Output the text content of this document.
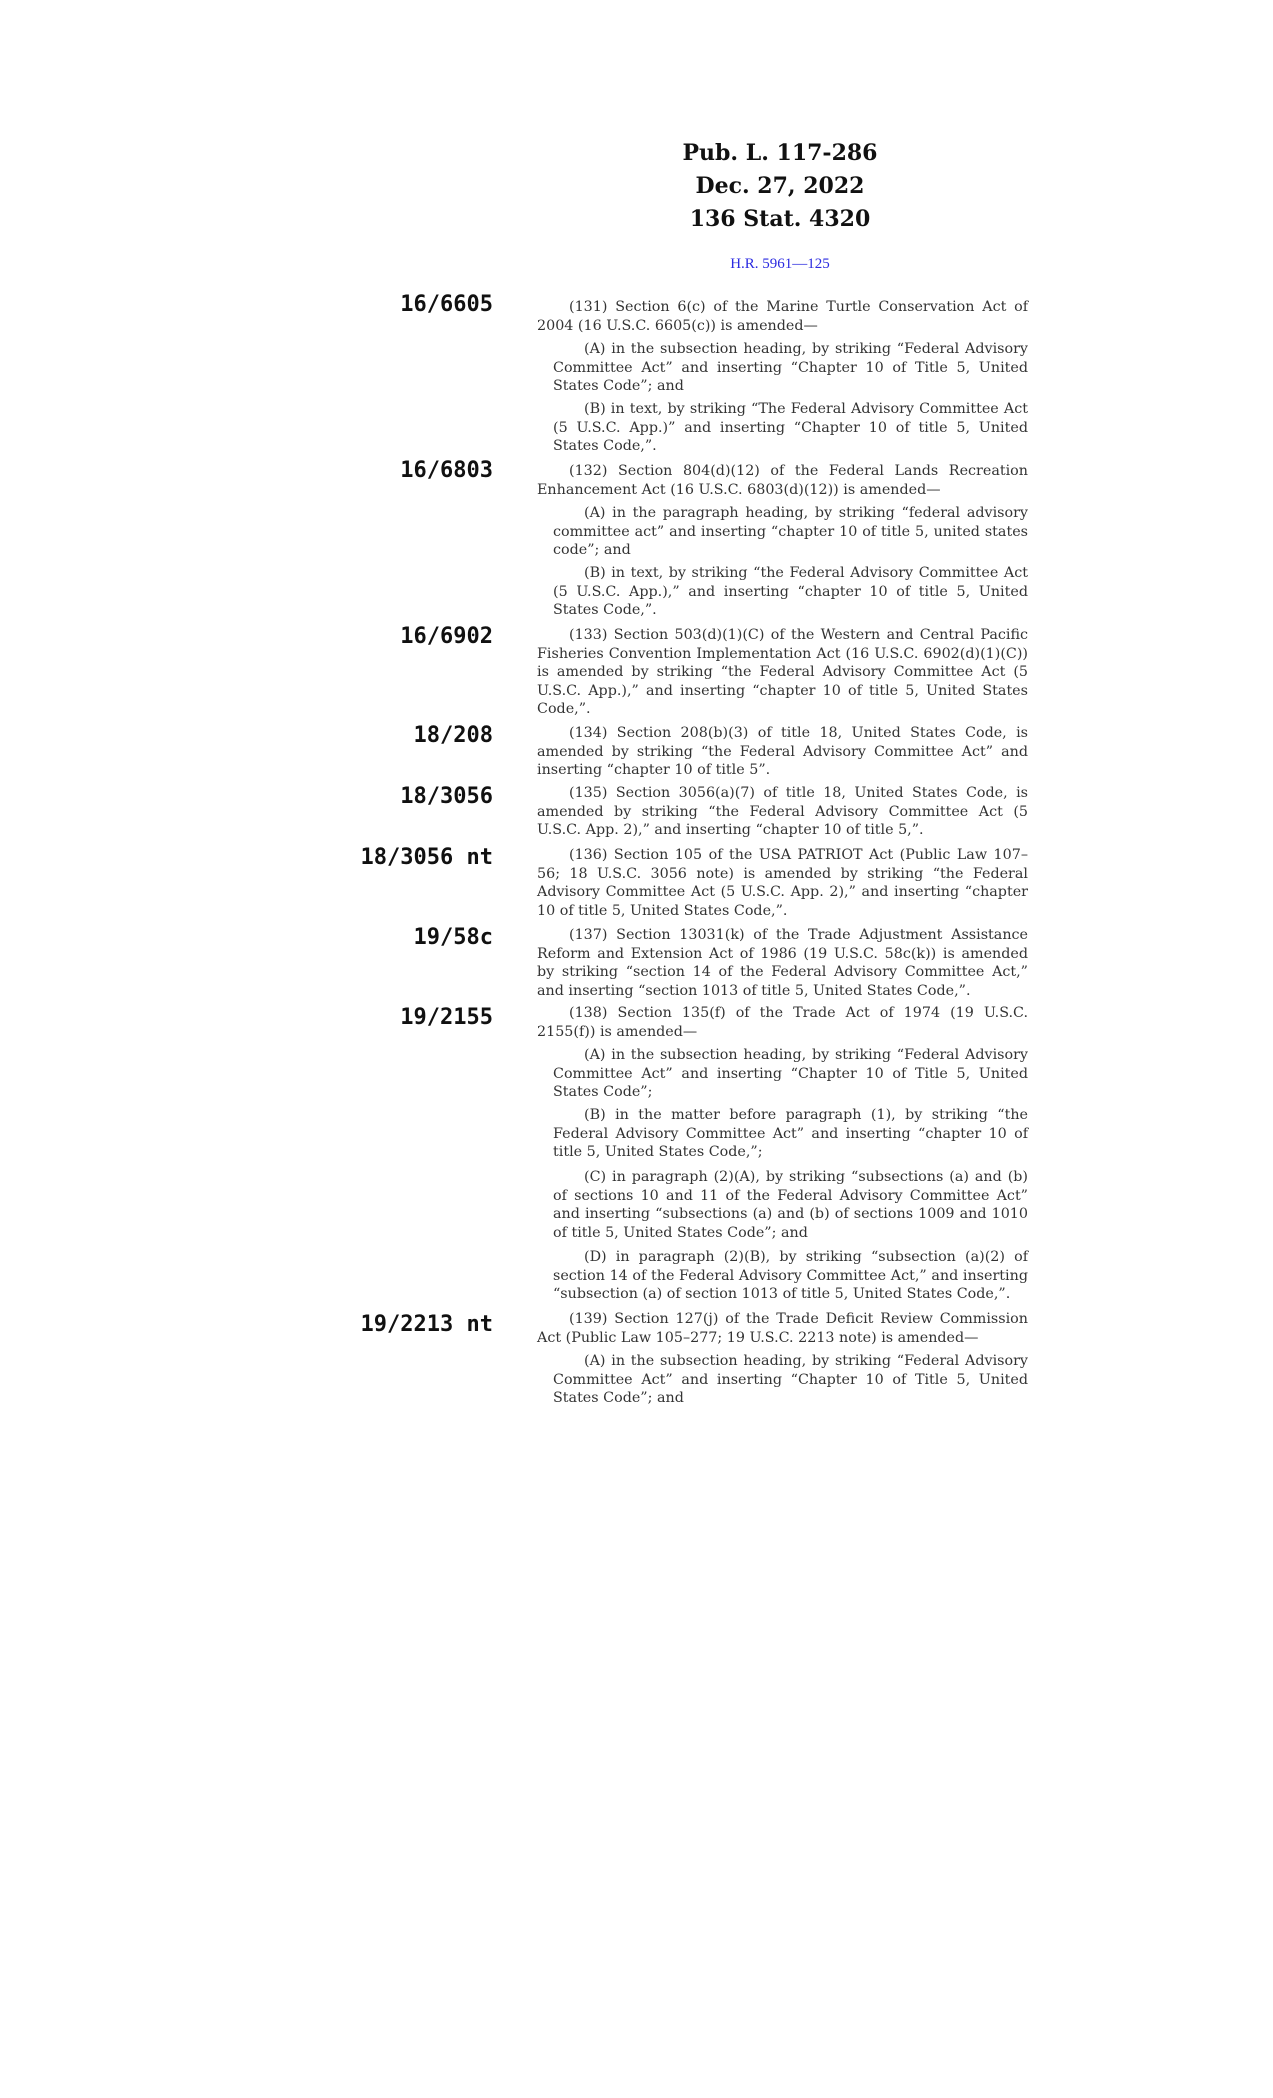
Pub. L. 117-286
Dec. 27, 2022
136 Stat. 4320
H.R. 5961—125
16/6605
16/6803
16/6902
18/208
18/3056
18/3056 nt
19/58c
19/2155
19/2213 nt
(131) Section 6(c) of the Marine Turtle Conservation Act of 2004 (16 U.S.C. 6605(c)) is amended—
(A) in the subsection heading, by striking “Federal Advisory Committee Act” and inserting “Chapter 10 of Title 5, United States Code”; and
(B) in text, by striking “The Federal Advisory Committee Act (5 U.S.C. App.)” and inserting “Chapter 10 of title 5, United States Code,”.
(132) Section 804(d)(12) of the Federal Lands Recreation Enhancement Act (16 U.S.C. 6803(d)(12)) is amended—
(A) in the paragraph heading, by striking “federal advisory committee act” and inserting “chapter 10 of title 5, united states code”; and
(B) in text, by striking “the Federal Advisory Committee Act (5 U.S.C. App.),” and inserting “chapter 10 of title 5, United States Code,”.
(133) Section 503(d)(1)(C) of the Western and Central Pacific Fisheries Convention Implementation Act (16 U.S.C. 6902(d)(1)(C)) is amended by striking “the Federal Advisory Committee Act (5 U.S.C. App.),” and inserting “chapter 10 of title 5, United States Code,”.
(134) Section 208(b)(3) of title 18, United States Code, is amended by striking “the Federal Advisory Committee Act” and inserting “chapter 10 of title 5”.
(135) Section 3056(a)(7) of title 18, United States Code, is amended by striking “the Federal Advisory Committee Act (5 U.S.C. App. 2),” and inserting “chapter 10 of title 5,”.
(136) Section 105 of the USA PATRIOT Act (Public Law 107–56; 18 U.S.C. 3056 note) is amended by striking “the Federal Advisory Committee Act (5 U.S.C. App. 2),” and inserting “chapter 10 of title 5, United States Code,”.
(137) Section 13031(k) of the Trade Adjustment Assistance Reform and Extension Act of 1986 (19 U.S.C. 58c(k)) is amended by striking “section 14 of the Federal Advisory Committee Act,” and inserting “section 1013 of title 5, United States Code,”.
(138) Section 135(f) of the Trade Act of 1974 (19 U.S.C. 2155(f)) is amended—
(A) in the subsection heading, by striking “Federal Advisory Committee Act” and inserting “Chapter 10 of Title 5, United States Code”;
(B) in the matter before paragraph (1), by striking “the Federal Advisory Committee Act” and inserting “chapter 10 of title 5, United States Code,”;
(C) in paragraph (2)(A), by striking “subsections (a) and (b) of sections 10 and 11 of the Federal Advisory Committee Act” and inserting “subsections (a) and (b) of sections 1009 and 1010 of title 5, United States Code”; and
(D) in paragraph (2)(B), by striking “subsection (a)(2) of section 14 of the Federal Advisory Committee Act,” and inserting “subsection (a) of section 1013 of title 5, United States Code,”.
(139) Section 127(j) of the Trade Deficit Review Commission Act (Public Law 105–277; 19 U.S.C. 2213 note) is amended—
(A) in the subsection heading, by striking “Federal Advisory Committee Act” and inserting “Chapter 10 of Title 5, United States Code”; and
